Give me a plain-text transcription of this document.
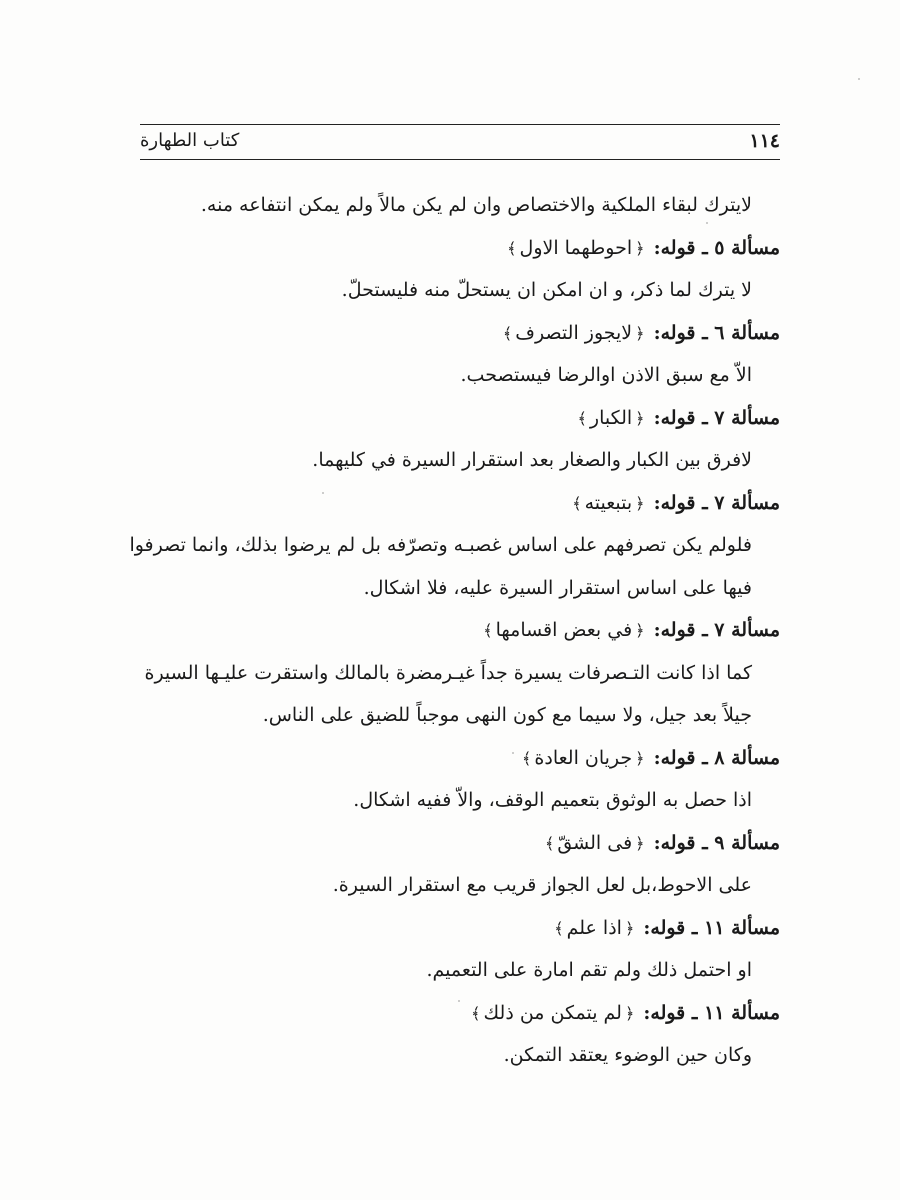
١١٤
كتاب الطهارة
لايترك لبقاء الملكية والاختصاص وان لم يكن مالاً ولم يمكن انتفاعه منه.
مسألة ٥ ـ قوله: ﴿احوطهما الاول﴾
لا يترك لما ذكر، و ان امكن ان يستحلّ منه فليستحلّ.
مسألة ٦ ـ قوله: ﴿لايجوز التصرف﴾
الاّ مع سبق الاذن اوالرضا فيستصحب.
مسألة ٧ ـ قوله: ﴿الكبار﴾
لافرق بين الكبار والصغار بعد استقرار السيرة في كليهما.
مسألة ٧ ـ قوله: ﴿بتبعيته﴾
فلولم يكن تصرفهم على اساس غصبـه وتصرّفه بل لم يرضوا بذلك، وانما تصرفوا
فيها على اساس استقرار السيرة عليه، فلا اشكال.
مسألة ٧ ـ قوله: ﴿في بعض اقسامها﴾
كما اذا كانت التـصرفات يسيرة جداً غيـرمضرة بالمالك واستقرت عليـها السيرة
جيلاً بعد جيل، ولا سيما مع كون النهى موجباً للضيق على الناس.
مسألة ٨ ـ قوله: ﴿جريان العادة﴾
اذا حصل به الوثوق بتعميم الوقف، والاّ ففيه اشكال.
مسألة ٩ ـ قوله: ﴿فى الشقّ﴾
على الاحوط،بل لعل الجواز قريب مع استقرار السيرة.
مسألة ١١ ـ قوله: ﴿اذا علم﴾
او احتمل ذلك ولم تقم امارة على التعميم.
مسألة ١١ ـ قوله: ﴿لم يتمكن من ذلك﴾
وكان حين الوضوء يعتقد التمكن.
